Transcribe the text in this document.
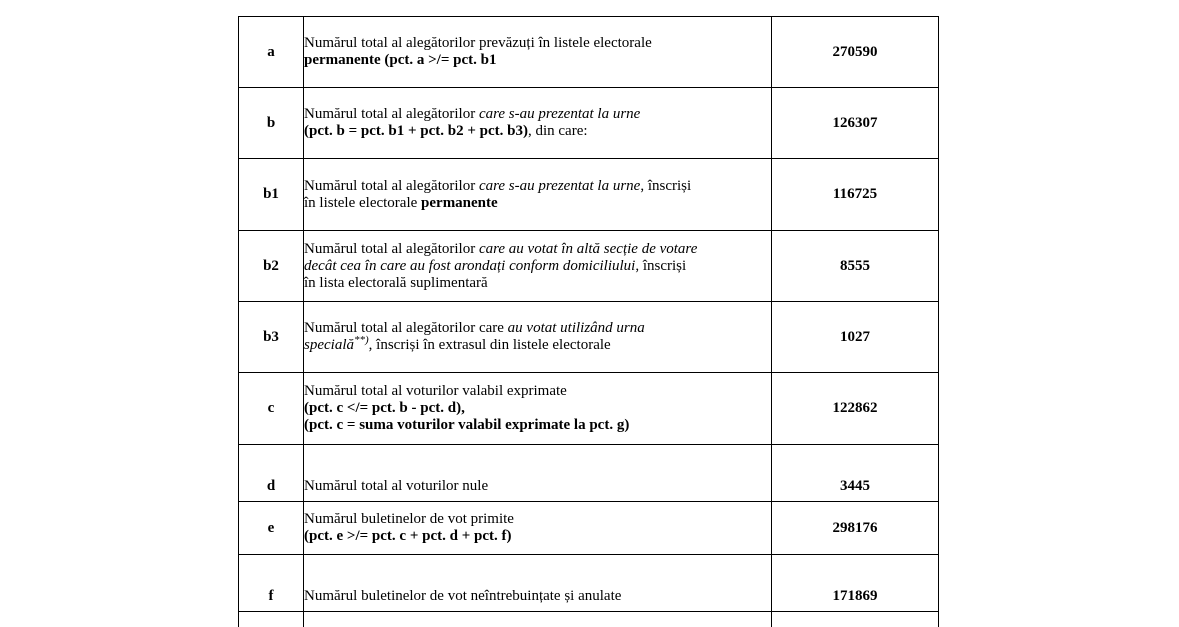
a	Numărul total al alegătorilor prevăzuți în listele electorale
permanente (pct. a >/= pct. b1	270590
b	Numărul total al alegătorilor care s-au prezentat la urne
(pct. b = pct. b1 + pct. b2 + pct. b3), din care:	126307
b1	Numărul total al alegătorilor care s-au prezentat la urne, înscriși
în listele electorale permanente	116725
b2	Numărul total al alegătorilor care au votat în altă secție de votare
decât cea în care au fost arondați conform domiciliului, înscriși
în lista electorală suplimentară	8555
b3	Numărul total al alegătorilor care au votat utilizând urna
specială**), înscriși în extrasul din listele electorale	1027
c	Numărul total al voturilor valabil exprimate
(pct. c </= pct. b - pct. d),
(pct. c = suma voturilor valabil exprimate la pct. g)	122862
d	Numărul total al voturilor nule	3445
e	Numărul buletinelor de vot primite
(pct. e >/= pct. c + pct. d + pct. f)	298176
f	Numărul buletinelor de vot neîntrebuințate și anulate	171869
